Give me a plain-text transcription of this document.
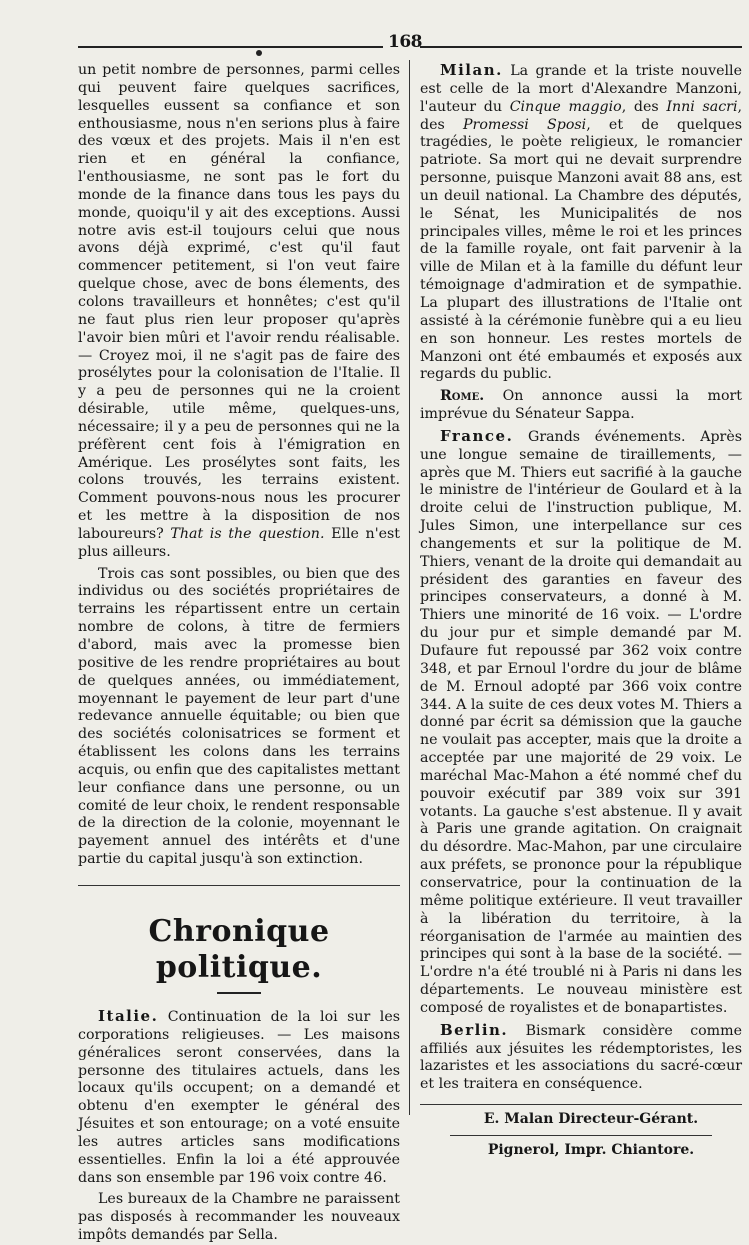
168

un petit nombre de personnes, parmi celles qui peuvent faire quelques sacrifices, lesquelles eussent sa confiance et son enthousiasme, nous n'en serions plus à faire des vœux et des projets. Mais il n'en est rien et en général la confiance, l'enthousiasme, ne sont pas le fort du monde de la finance dans tous les pays du monde, quoiqu'il y ait des exceptions. Aussi notre avis est-il toujours celui que nous avons déjà exprimé, c'est qu'il faut commencer petitement, si l'on veut faire quelque chose, avec de bons élements, des colons travailleurs et honnêtes; c'est qu'il ne faut plus rien leur proposer qu'après l'avoir bien mûri et l'avoir rendu réalisable. — Croyez moi, il ne s'agit pas de faire des prosélytes pour la colonisation de l'Italie. Il y a peu de personnes qui ne la croient désirable, utile même, quelques-uns, nécessaire; il y a peu de personnes qui ne la préfèrent cent fois à l'émigration en Amérique. Les prosélytes sont faits, les colons trouvés, les terrains existent. Comment pouvons-nous nous les procurer et les mettre à la disposition de nos laboureurs? That is the question. Elle n'est plus ailleurs.

Trois cas sont possibles, ou bien que des individus ou des sociétés propriétaires de terrains les répartissent entre un certain nombre de colons, à titre de fermiers d'abord, mais avec la promesse bien positive de les rendre propriétaires au bout de quelques années, ou immédiatement, moyennant le payement de leur part d'une redevance annuelle équitable; ou bien que des sociétés colonisatrices se forment et établissent les colons dans les terrains acquis, ou enfin que des capitalistes mettant leur confiance dans une personne, ou un comité de leur choix, le rendent responsable de la direction de la colonie, moyennant le payement annuel des intérêts et d'une partie du capital jusqu'à son extinction.

Chronique politique.

Italie. Continuation de la loi sur les corporations religieuses. — Les maisons généralices seront conservées, dans la personne des titulaires actuels, dans les locaux qu'ils occupent; on a demandé et obtenu d'en exempter le général des Jésuites et son entourage; on a voté ensuite les autres articles sans modifications essentielles. Enfin la loi a été approuvée dans son ensemble par 196 voix contre 46.

Les bureaux de la Chambre ne paraissent pas disposés à recommander les nouveaux impôts demandés par Sella.

Milan. La grande et la triste nouvelle est celle de la mort d'Alexandre Manzoni, l'auteur du Cinque maggio, des Inni sacri, des Promessi Sposi, et de quelques tragédies, le poète religieux, le romancier patriote. Sa mort qui ne devait surprendre personne, puisque Manzoni avait 88 ans, est un deuil national. La Chambre des députés, le Sénat, les Municipalités de nos principales villes, même le roi et les princes de la famille royale, ont fait parvenir à la ville de Milan et à la famille du défunt leur témoignage d'admiration et de sympathie. La plupart des illustrations de l'Italie ont assisté à la cérémonie funèbre qui a eu lieu en son honneur. Les restes mortels de Manzoni ont été embaumés et exposés aux regards du public.

Rome. On annonce aussi la mort imprévue du Sénateur Sappa.

France. Grands événements. Après une longue semaine de tiraillements, — après que M. Thiers eut sacrifié à la gauche le ministre de l'intérieur de Goulard et à la droite celui de l'instruction publique, M. Jules Simon, une interpellance sur ces changements et sur la politique de M. Thiers, venant de la droite qui demandait au président des garanties en faveur des principes conservateurs, a donné à M. Thiers une minorité de 16 voix. — L'ordre du jour pur et simple demandé par M. Dufaure fut repoussé par 362 voix contre 348, et par Ernoul l'ordre du jour de blâme de M. Ernoul adopté par 366 voix contre 344. A la suite de ces deux votes M. Thiers a donné par écrit sa démission que la gauche ne voulait pas accepter, mais que la droite a acceptée par une majorité de 29 voix. Le maréchal Mac-Mahon a été nommé chef du pouvoir exécutif par 389 voix sur 391 votants. La gauche s'est abstenue. Il y avait à Paris une grande agitation. On craignait du désordre. Mac-Mahon, par une circulaire aux préfets, se prononce pour la république conservatrice, pour la continuation de la même politique extérieure. Il veut travailler à la libération du territoire, à la réorganisation de l'armée au maintien des principes qui sont à la base de la société. — L'ordre n'a été troublé ni à Paris ni dans les départements. Le nouveau ministère est composé de royalistes et de bonapartistes.

Berlin. Bismark considère comme affiliés aux jésuites les rédemptoristes, les lazaristes et les associations du sacré-cœur et les traitera en conséquence.

E. Malan Directeur-Gérant.

Pignerol, Impr. Chiantore.
